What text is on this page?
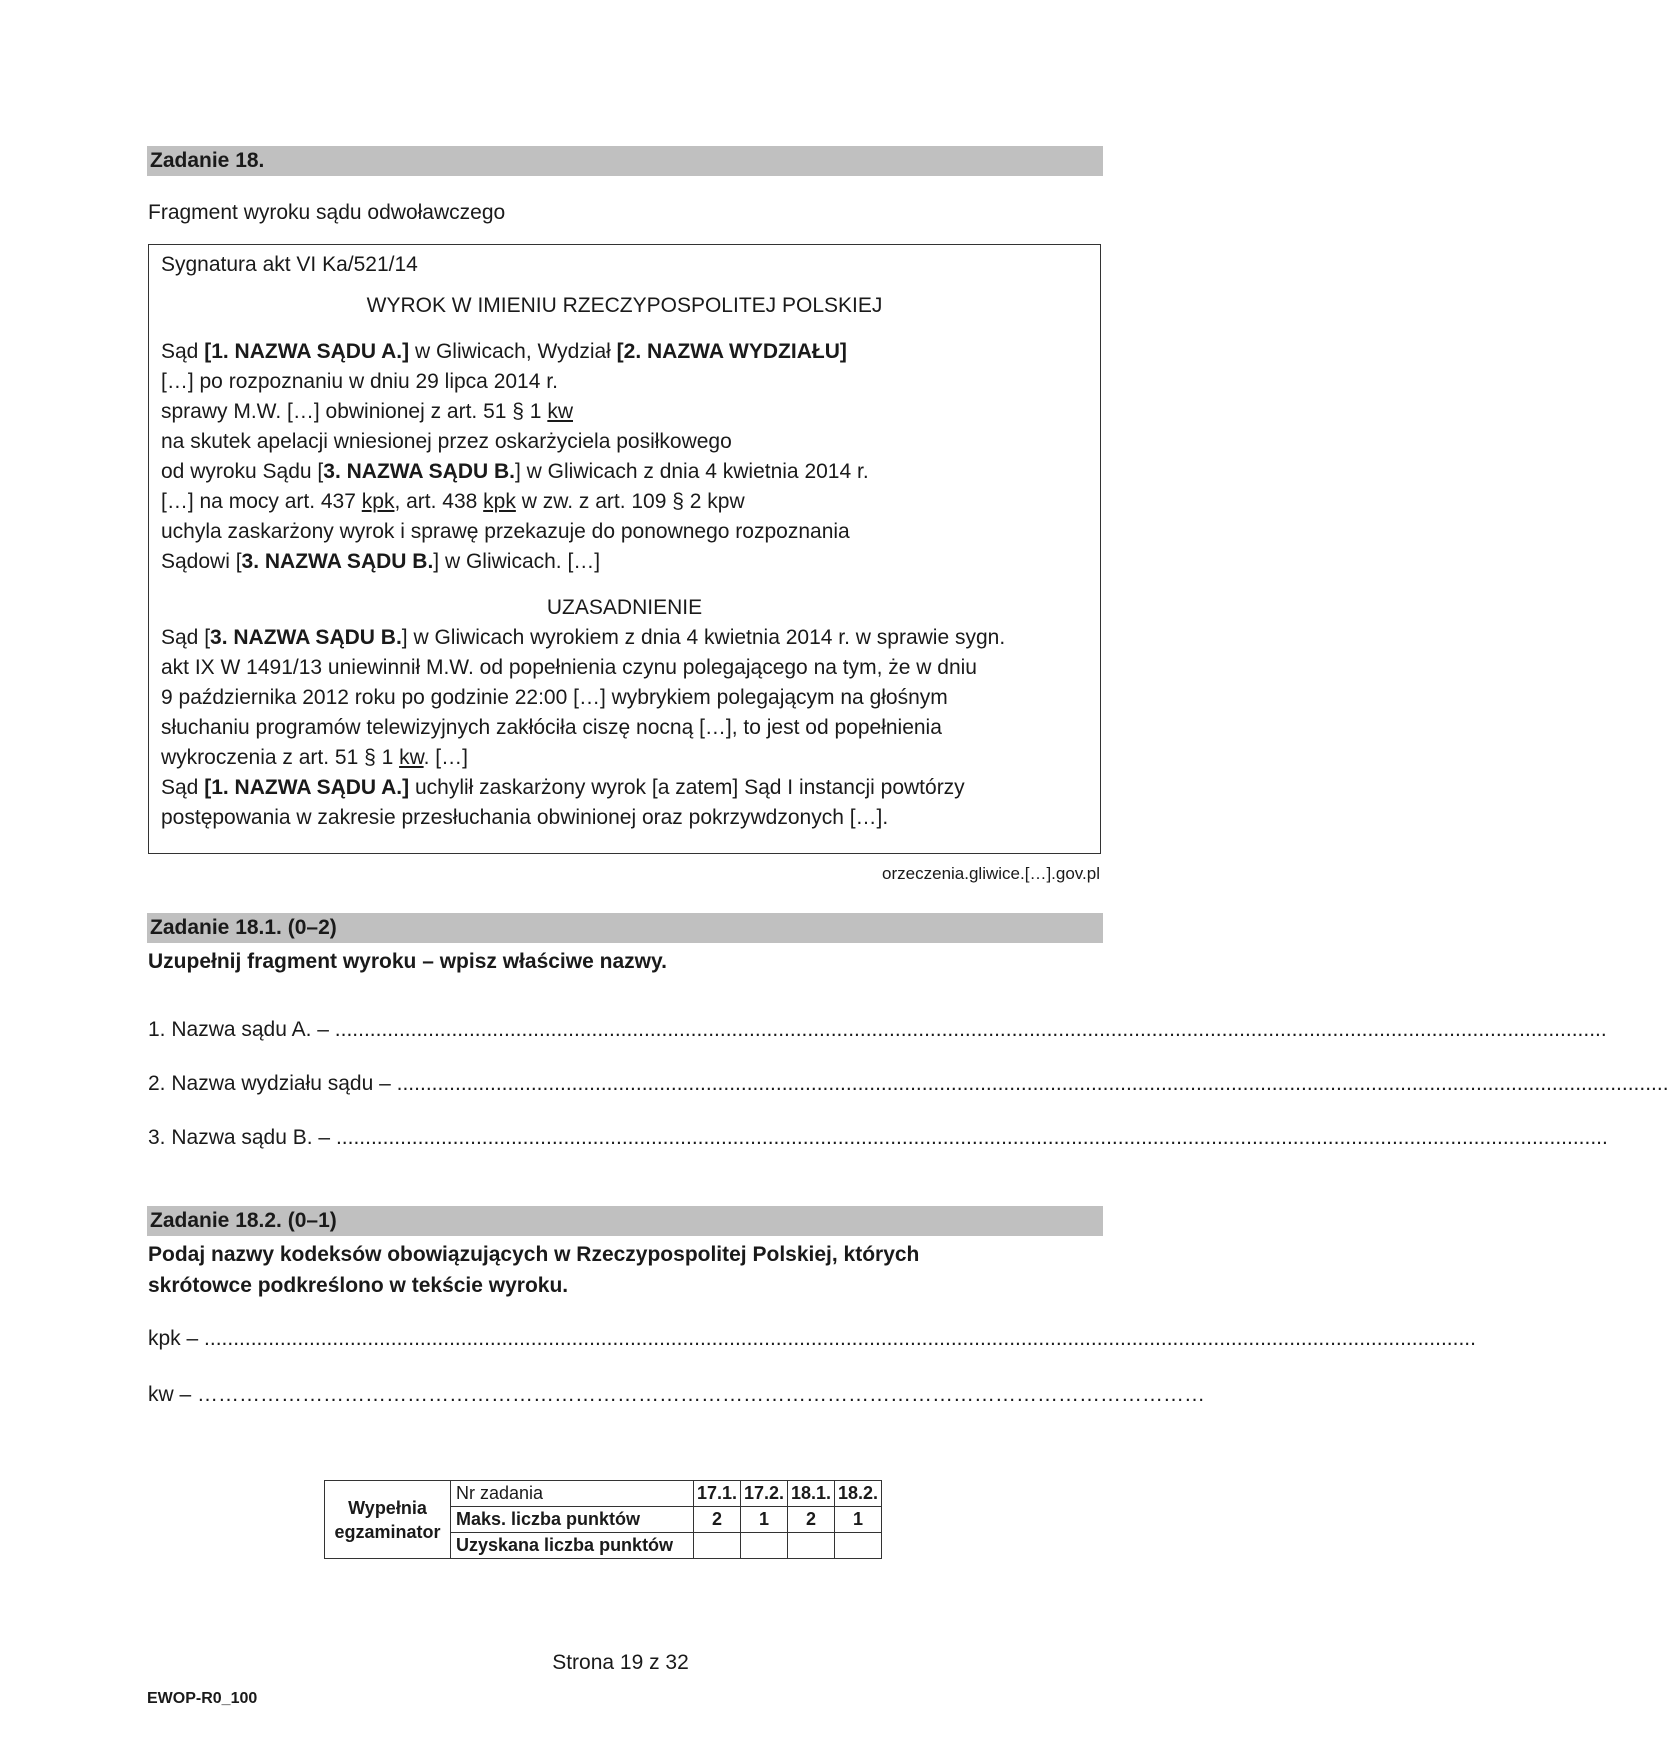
Zadanie 18.
Fragment wyroku sądu odwoławczego
Sygnatura akt VI Ka/521/14
WYROK W IMIENIU RZECZYPOSPOLITEJ POLSKIEJ
Sąd [1. NAZWA SĄDU A.] w Gliwicach, Wydział [2. NAZWA WYDZIAŁU]
[…] po rozpoznaniu w dniu 29 lipca 2014 r.
sprawy M.W. […] obwinionej z art. 51 § 1 kw
na skutek apelacji wniesionej przez oskarżyciela posiłkowego
od wyroku Sądu [3. NAZWA SĄDU B.] w Gliwicach z dnia 4 kwietnia 2014 r.
[…] na mocy art. 437 kpk, art. 438 kpk w zw. z art. 109 § 2 kpw
uchyla zaskarżony wyrok i sprawę przekazuje do ponownego rozpoznania
Sądowi [3. NAZWA SĄDU B.] w Gliwicach. […]
UZASADNIENIE
Sąd [3. NAZWA SĄDU B.] w Gliwicach wyrokiem z dnia 4 kwietnia 2014 r. w sprawie sygn.
akt IX W 1491/13 uniewinnił M.W. od popełnienia czynu polegającego na tym, że w dniu
9 października 2012 roku po godzinie 22:00 […] wybrykiem polegającym na głośnym
słuchaniu programów telewizyjnych zakłóciła ciszę nocną […], to jest od popełnienia
wykroczenia z art. 51 § 1 kw. […]
Sąd [1. NAZWA SĄDU A.] uchylił zaskarżony wyrok [a zatem] Sąd I instancji powtórzy
postępowania w zakresie przesłuchania obwinionej oraz pokrzywdzonych […].
orzeczenia.gliwice.[…].gov.pl
Zadanie 18.1. (0–2)
Uzupełnij fragment wyroku – wpisz właściwe nazwy.
1. Nazwa sądu A. – ..........................................................................................................................................................................................................................
2. Nazwa wydziału sądu – ..........................................................................................................................................................................................................................
3. Nazwa sądu B. – ..........................................................................................................................................................................................................................
Zadanie 18.2. (0–1)
Podaj nazwy kodeksów obowiązujących w Rzeczypospolitej Polskiej, których
skrótowce podkreślono w tekście wyroku.
kpk – ..........................................................................................................................................................................................................................
kw – ………………………………………………………………………………………………………………………………
Wypełnia
egzaminator	Nr zadania	17.1.	17.2.	18.1.	18.2.
	Maks. liczba punktów	2	1	2	1
	Uzyskana liczba punktów				
Strona 19 z 32
EWOP-R0_100
